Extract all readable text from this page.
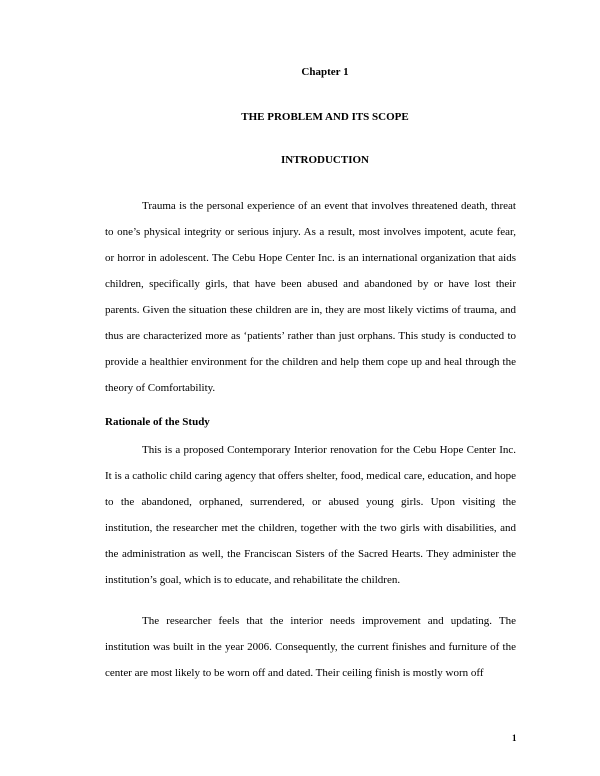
Chapter 1
THE PROBLEM AND ITS SCOPE
INTRODUCTION

Trauma is the personal experience of an event that involves threatened death, threat to one’s physical integrity or serious injury. As a result, most involves impotent, acute fear, or horror in adolescent. The Cebu Hope Center Inc. is an international organization that aids children, specifically girls, that have been abused and abandoned by or have lost their parents. Given the situation these children are in, they are most likely victims of trauma, and thus are characterized more as ‘patients’ rather than just orphans. This study is conducted to provide a healthier environment for the children and help them cope up and heal through the theory of Comfortability.

Rationale of the Study

This is a proposed Contemporary Interior renovation for the Cebu Hope Center Inc. It is a catholic child caring agency that offers shelter, food, medical care, education, and hope to the abandoned, orphaned, surrendered, or abused young girls. Upon visiting the institution, the researcher met the children, together with the two girls with disabilities, and the administration as well, the Franciscan Sisters of the Sacred Hearts. They administer the institution’s goal, which is to educate, and rehabilitate the children.

The researcher feels that the interior needs improvement and updating. The institution was built in the year 2006. Consequently, the current finishes and furniture of the center are most likely to be worn off and dated. Their ceiling finish is mostly worn off

1
